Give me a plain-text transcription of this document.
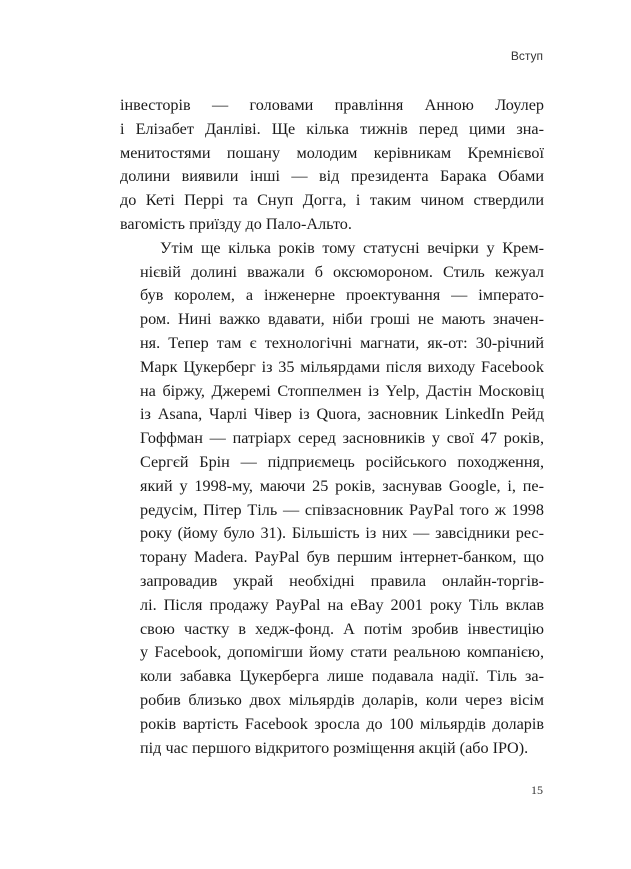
Вступ

інвесторів — головами правління Анною Лоулер
і Елізабет Данліві. Ще кілька тижнів перед цими зна-
менитостями пошану молодим керівникам Кремнієвої
долини виявили інші — від президента Барака Обами
до Кеті Перрі та Снуп Догга, і таким чином ствердили
вагомість приїзду до Пало-Альто.

Утім ще кілька років тому статусні вечірки у Крем-
нієвій долині вважали б оксюмороном. Стиль кежуал
був королем, а інженерне проектування — імперато-
ром. Нині важко вдавати, ніби гроші не мають значен-
ня. Тепер там є технологічні магнати, як-от: 30-річний
Марк Цукерберг із 35 мільярдами після виходу Facebook
на біржу, Джеремі Стоппелмен із Yelp, Дастін Московіц
із Asana, Чарлі Чівер із Quora, засновник LinkedIn Рейд
Гоффман — патріарх серед засновників у свої 47 років,
Сергєй Брін — підприємець російського походження,
який у 1998-му, маючи 25 років, заснував Google, і, пе-
редусім, Пітер Тіль — співзасновник PayPal того ж 1998
року (йому було 31). Більшість із них — завсідники рес-
торану Madera. PayPal був першим інтернет-банком, що
запровадив украй необхідні правила онлайн-торгів-
лі. Після продажу PayPal на eBay 2001 року Тіль вклав
свою частку в хедж-фонд. А потім зробив інвестицію
у Facebook, допомігши йому стати реальною компанією,
коли забавка Цукерберга лише подавала надії. Тіль за-
робив близько двох мільярдів доларів, коли через вісім
років вартість Facebook зросла до 100 мільярдів доларів
під час першого відкритого розміщення акцій (або IPO).

15
